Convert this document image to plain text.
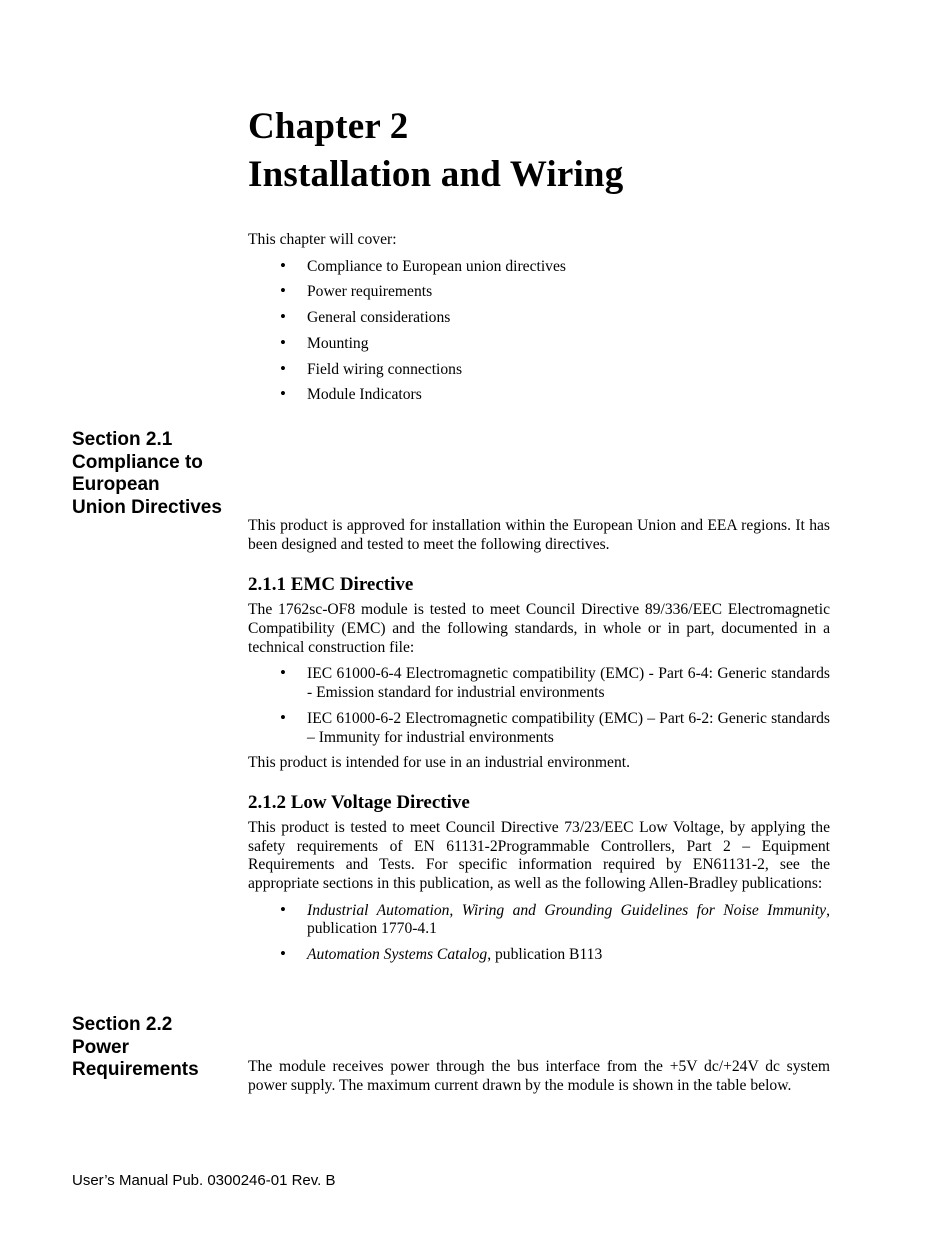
Section 2.1
Compliance to
European
Union Directives
Section 2.2
Power
Requirements
Chapter 2
Installation and Wiring

This chapter will cover:

• Compliance to European union directives
• Power requirements
• General considerations
• Mounting
• Field wiring connections
• Module Indicators

This product is approved for installation within the European Union and EEA regions. It has been designed and tested to meet the following directives.

2.1.1 EMC Directive

The 1762sc-OF8 module is tested to meet Council Directive 89/336/EEC Electromagnetic Compatibility (EMC) and the following standards, in whole or in part, documented in a technical construction file:

• IEC 61000-6-4 Electromagnetic compatibility (EMC) - Part 6-4: Generic standards - Emission standard for industrial environments
• IEC 61000-6-2 Electromagnetic compatibility (EMC) – Part 6-2: Generic standards – Immunity for industrial environments

This product is intended for use in an industrial environment.

2.1.2 Low Voltage Directive

This product is tested to meet Council Directive 73/23/EEC Low Voltage, by applying the safety requirements of EN 61131-2Programmable Controllers, Part 2 – Equipment Requirements and Tests. For specific information required by EN61131-2, see the appropriate sections in this publication, as well as the following Allen-Bradley publications:

• Industrial Automation, Wiring and Grounding Guidelines for Noise Immunity, publication 1770-4.1
• Automation Systems Catalog, publication B113

The module receives power through the bus interface from the +5V dc/+24V dc system power supply. The maximum current drawn by the module is shown in the table below.

User’s Manual Pub. 0300246-01 Rev. B
